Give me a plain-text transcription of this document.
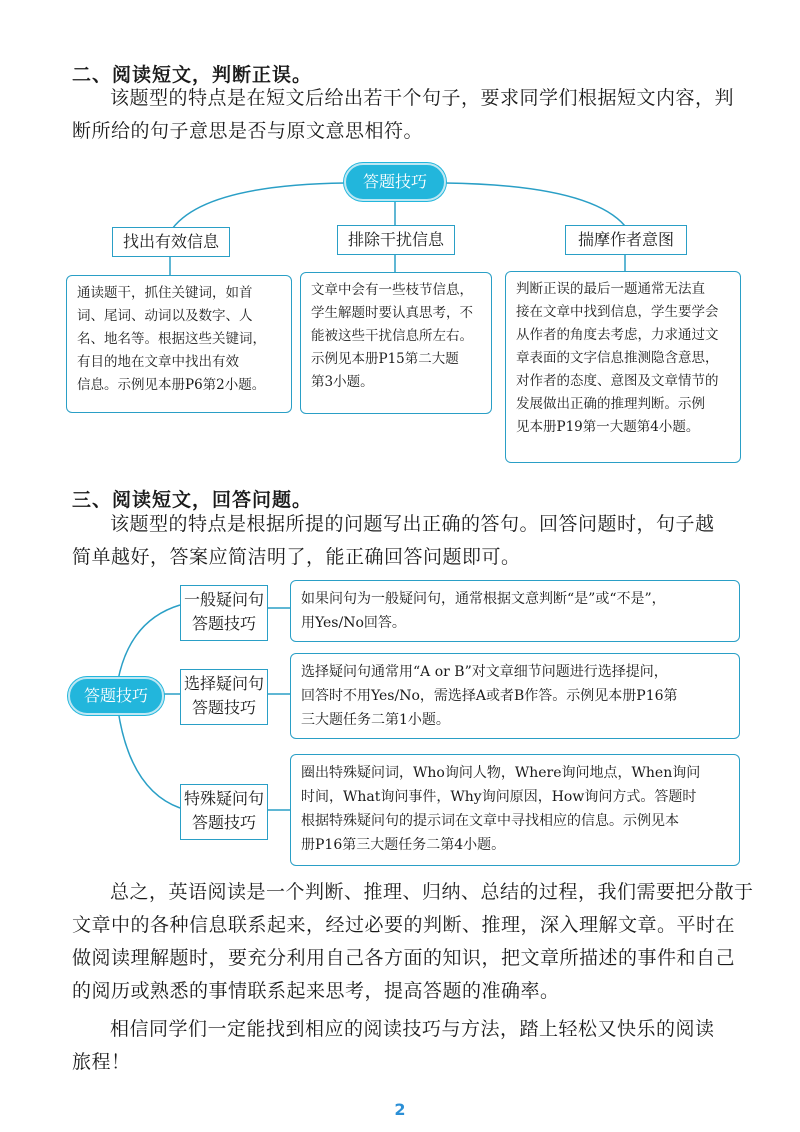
二、阅读短文，判断正误。

该题型的特点是在短文后给出若干个句子，要求同学们根据短文内容，判
断所给的句子意思是否与原文意思相符。

答题技巧
找出有效信息	排除干扰信息	揣摩作者意图
通读题干，抓住关键词，如首
词、尾词、动词以及数字、人
名、地名等。根据这些关键词，
有目的地在文章中找出有效
信息。示例见本册P6第2小题。
文章中会有一些枝节信息，
学生解题时要认真思考，不
能被这些干扰信息所左右。
示例见本册P15第二大题
第3小题。
判断正误的最后一题通常无法直
接在文章中找到信息，学生要学会
从作者的角度去考虑，力求通过文
章表面的文字信息推测隐含意思，
对作者的态度、意图及文章情节的
发展做出正确的推理判断。示例
见本册P19第一大题第4小题。
三、阅读短文，回答问题。

该题型的特点是根据所提的问题写出正确的答句。回答问题时，句子越
简单越好，答案应简洁明了，能正确回答问题即可。

答题技巧
一般疑问句
答题技巧
选择疑问句
答题技巧
特殊疑问句
答题技巧
如果问句为一般疑问句，通常根据文意判断“是”或“不是”，
用Yes/No回答。
选择疑问句通常用“A or B”对文章细节问题进行选择提问，
回答时不用Yes/No，需选择A或者B作答。示例见本册P16第
三大题任务二第1小题。
圈出特殊疑问词，Who询问人物，Where询问地点，When询问
时间，What询问事件，Why询问原因，How询问方式。答题时
根据特殊疑问句的提示词在文章中寻找相应的信息。示例见本
册P16第三大题任务二第4小题。

总之，英语阅读是一个判断、推理、归纳、总结的过程，我们需要把分散于
文章中的各种信息联系起来，经过必要的判断、推理，深入理解文章。平时在
做阅读理解题时，要充分利用自己各方面的知识，把文章所描述的事件和自己
的阅历或熟悉的事情联系起来思考，提高答题的准确率。

相信同学们一定能找到相应的阅读技巧与方法，踏上轻松又快乐的阅读
旅程！

2
